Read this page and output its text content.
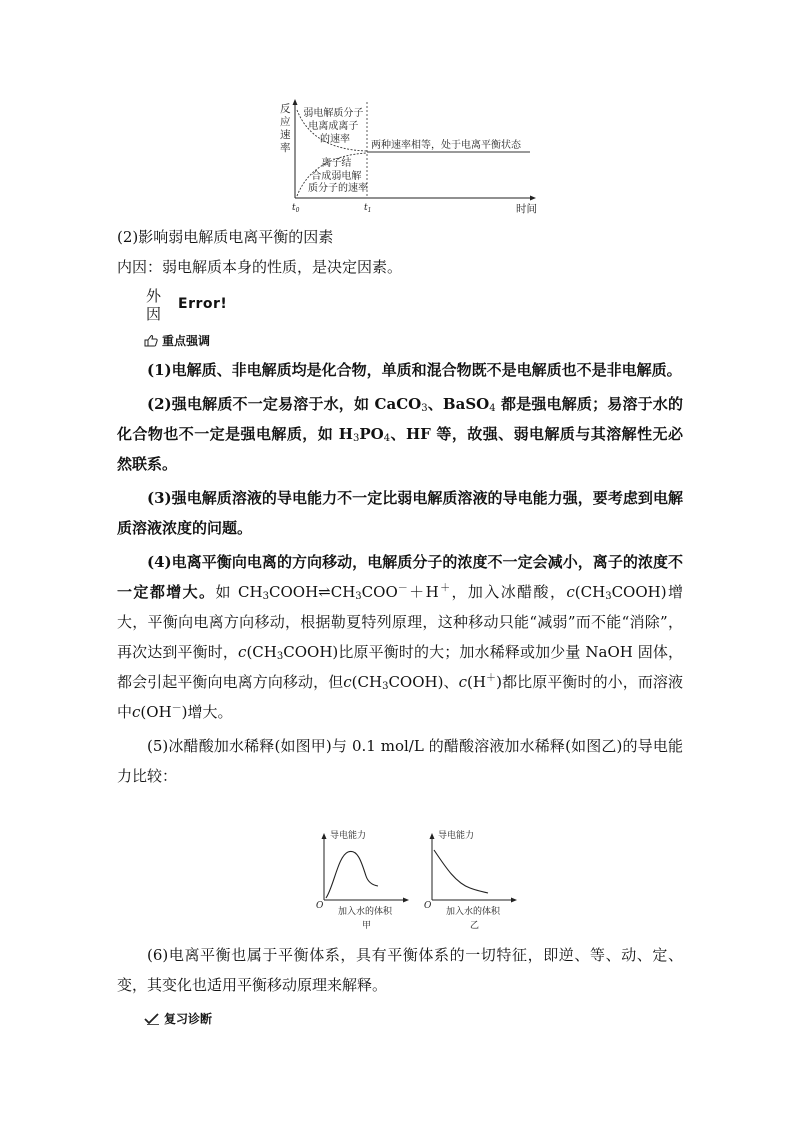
反 应 速 率
弱电解质分子 电离成离子 的速率
离子结 合成弱电解 质分子的速率
两种速率相等，处于电离平衡状态
$t_0$	$t_1$	时间

(2)影响弱电解质电离平衡的因素

内因：弱电解质本身的性质，是决定因素。

外
因
Error!
重点强调

(1)电解质、非电解质均是化合物，单质和混合物既不是电解质也不是非电解质。

(2)强电解质不一定易溶于水，如 CaCO$_3$、BaSO$_4$ 都是强电解质；易溶于水的化合物也不一定是强电解质，如 $H_3PO_4$、HF 等，故强、弱电解质与其溶解性无必然联系。

(3)强电解质溶液的导电能力不一定比弱电解质溶液的导电能力强，要考虑到电解质溶液浓度的问题。

(4)电离平衡向电离的方向移动，电解质分子的浓度不一定会减小，离子的浓度不一定都增大。如 $CH_3COOH\rightleftharpoons CH_3COO^-+H^+$，加入冰醋酸，$c(CH_3COOH)$增大，平衡向电离方向移动，根据勒夏特列原理，这种移动只能“减弱”而不能“消除”，再次达到平衡时，$c(CH_3COOH)$比原平衡时的大；加水稀释或加少量 NaOH 固体，都会引起平衡向电离方向移动，但$c(CH_3COOH)$、c(H＋)都比原平衡时的小，而溶液中c(OH－)增大。

(5)冰醋酸加水稀释(如图甲)与 0.1 mol/L 的醋酸溶液加水稀释(如图乙)的导电能力比较：

导电能力
O
加入水的体积
甲
导电能力
O
加入水的体积
乙

(6)电离平衡也属于平衡体系，具有平衡体系的一切特征，即逆、等、动、定、变，其变化也适用平衡移动原理来解释。

复习诊断
